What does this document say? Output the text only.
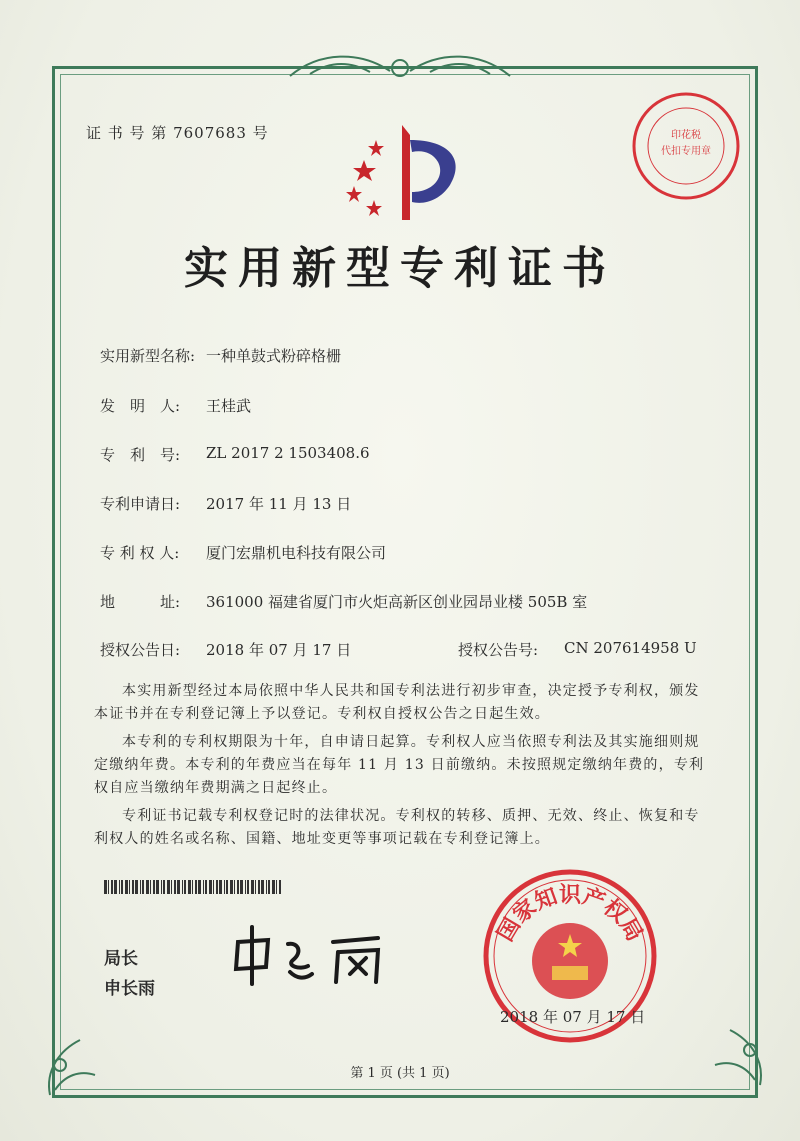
证 书 号 第 7607683 号	印花税
代扣专用章
实用新型专利证书
实用新型名称: 一种单鼓式粉碎格栅
发　明　人:	王桂武
专　利　号:	ZL 2017 2 1503408.6
专利申请日:	2017 年 11 月 13 日
专 利 权 人:	厦门宏鼎机电科技有限公司
地　　　址:	361000 福建省厦门市火炬高新区创业园昂业楼 505B 室
授权公告日:	2018 年 07 月 17 日	授权公告号:	CN 207614958 U

本实用新型经过本局依照中华人民共和国专利法进行初步审查，决定授予专利权，颁发本证书并在专利登记簿上予以登记。专利权自授权公告之日起生效。

本专利的专利权期限为十年，自申请日起算。专利权人应当依照专利法及其实施细则规定缴纳年费。本专利的年费应当在每年 11 月 13 日前缴纳。未按照规定缴纳年费的，专利权自应当缴纳年费期满之日起终止。

专利证书记载专利权登记时的法律状况。专利权的转移、质押、无效、终止、恢复和专利权人的姓名或名称、国籍、地址变更等事项记载在专利登记簿上。

局长
申长雨
国家知识产权局
2018 年 07 月 17 日
第 1 页 (共 1 页)
